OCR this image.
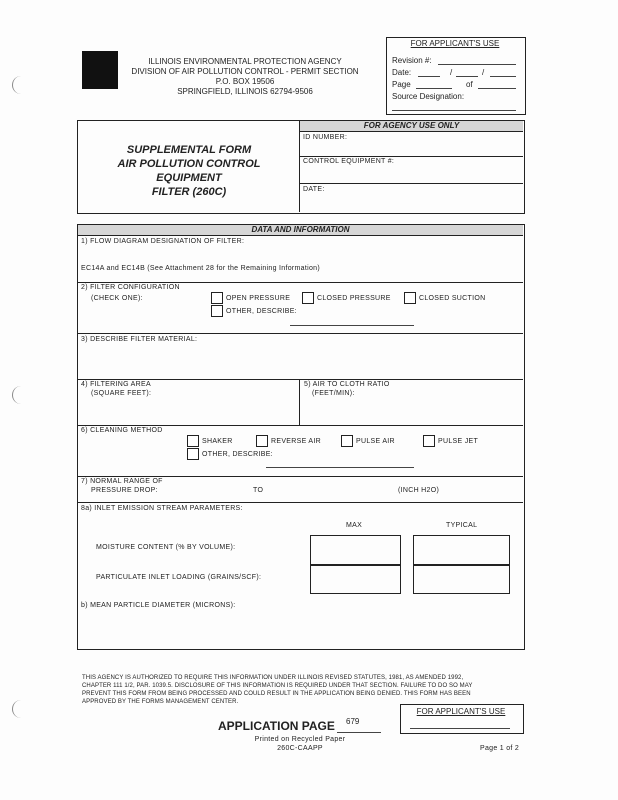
ILLINOIS ENVIRONMENTAL PROTECTION AGENCY
DIVISION OF AIR POLLUTION CONTROL - PERMIT SECTION
P.O. BOX 19506
SPRINGFIELD, ILLINOIS 62794-9506
FOR APPLICANT'S USE
Revision #:
Date:	/	/
Page	of
Source Designation:
SUPPLEMENTAL FORM
AIR POLLUTION CONTROL
EQUIPMENT
FILTER (260C)
FOR AGENCY USE ONLY
ID NUMBER:
CONTROL EQUIPMENT #:
DATE:
DATA AND INFORMATION
1) FLOW DIAGRAM DESIGNATION OF FILTER:
EC14A and EC14B (See Attachment 28 for the Remaining Information)
2) FILTER CONFIGURATION
(CHECK ONE):	OPEN PRESSURE	CLOSED PRESSURE	CLOSED SUCTION
OTHER, DESCRIBE:
3) DESCRIBE FILTER MATERIAL:
4) FILTERING AREA
(SQUARE FEET):
5) AIR TO CLOTH RATIO
(FEET/MIN):
6) CLEANING METHOD
SHAKER	REVERSE AIR	PULSE AIR	PULSE JET
OTHER, DESCRIBE:
7) NORMAL RANGE OF
PRESSURE DROP:	TO	(INCH H2O)
8a) INLET EMISSION STREAM PARAMETERS:
MAX	TYPICAL
MOISTURE CONTENT (% BY VOLUME):
PARTICULATE INLET LOADING (GRAINS/SCF):
b) MEAN PARTICLE DIAMETER (MICRONS):
THIS AGENCY IS AUTHORIZED TO REQUIRE THIS INFORMATION UNDER ILLINOIS REVISED STATUTES, 1981, AS AMENDED 1992,
CHAPTER 111 1/2, PAR. 1039.5. DISCLOSURE OF THIS INFORMATION IS REQUIRED UNDER THAT SECTION. FAILURE TO DO SO MAY
PREVENT THIS FORM FROM BEING PROCESSED AND COULD RESULT IN THE APPLICATION BEING DENIED. THIS FORM HAS BEEN
APPROVED BY THE FORMS MANAGEMENT CENTER.
FOR APPLICANT'S USE
APPLICATION PAGE 679
Printed on Recycled Paper
260C-CAAPP	Page 1 of 2
